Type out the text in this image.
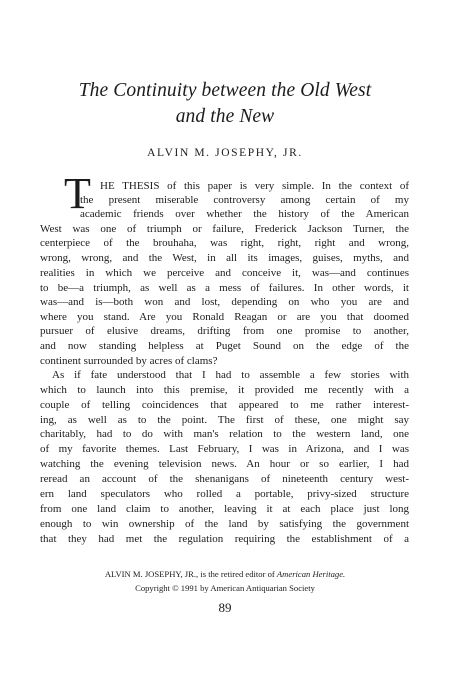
The Continuity between the Old West
and the New
ALVIN M. JOSEPHY, JR.
T HE THESIS of this paper is very simple. In the context of
the present miserable controversy among certain of my
academic friends over whether the history of the American
West was one of triumph or failure, Frederick Jackson Turner, the
centerpiece of the brouhaha, was right, right, right and wrong,
wrong, wrong, and the West, in all its images, guises, myths, and
realities in which we perceive and conceive it, was—and continues
to be—a triumph, as well as a mess of failures. In other words, it
was—and is—both won and lost, depending on who you are and
where you stand. Are you Ronald Reagan or are you that doomed
pursuer of elusive dreams, drifting from one promise to another,
and now standing helpless at Puget Sound on the edge of the
continent surrounded by acres of clams?
As if fate understood that I had to assemble a few stories with
which to launch into this premise, it provided me recently with a
couple of telling coincidences that appeared to me rather interest-
ing, as well as to the point. The first of these, one might say
charitably, had to do with man's relation to the western land, one
of my favorite themes. Last February, I was in Arizona, and I was
watching the evening television news. An hour or so earlier, I had
reread an account of the shenanigans of nineteenth century west-
ern land speculators who rolled a portable, privy-sized structure
from one land claim to another, leaving it at each place just long
enough to win ownership of the land by satisfying the government
that they had met the regulation requiring the establishment of a
ALVIN M. JOSEPHY, JR., is the retired editor of American Heritage.
Copyright © 1991 by American Antiquarian Society
89
